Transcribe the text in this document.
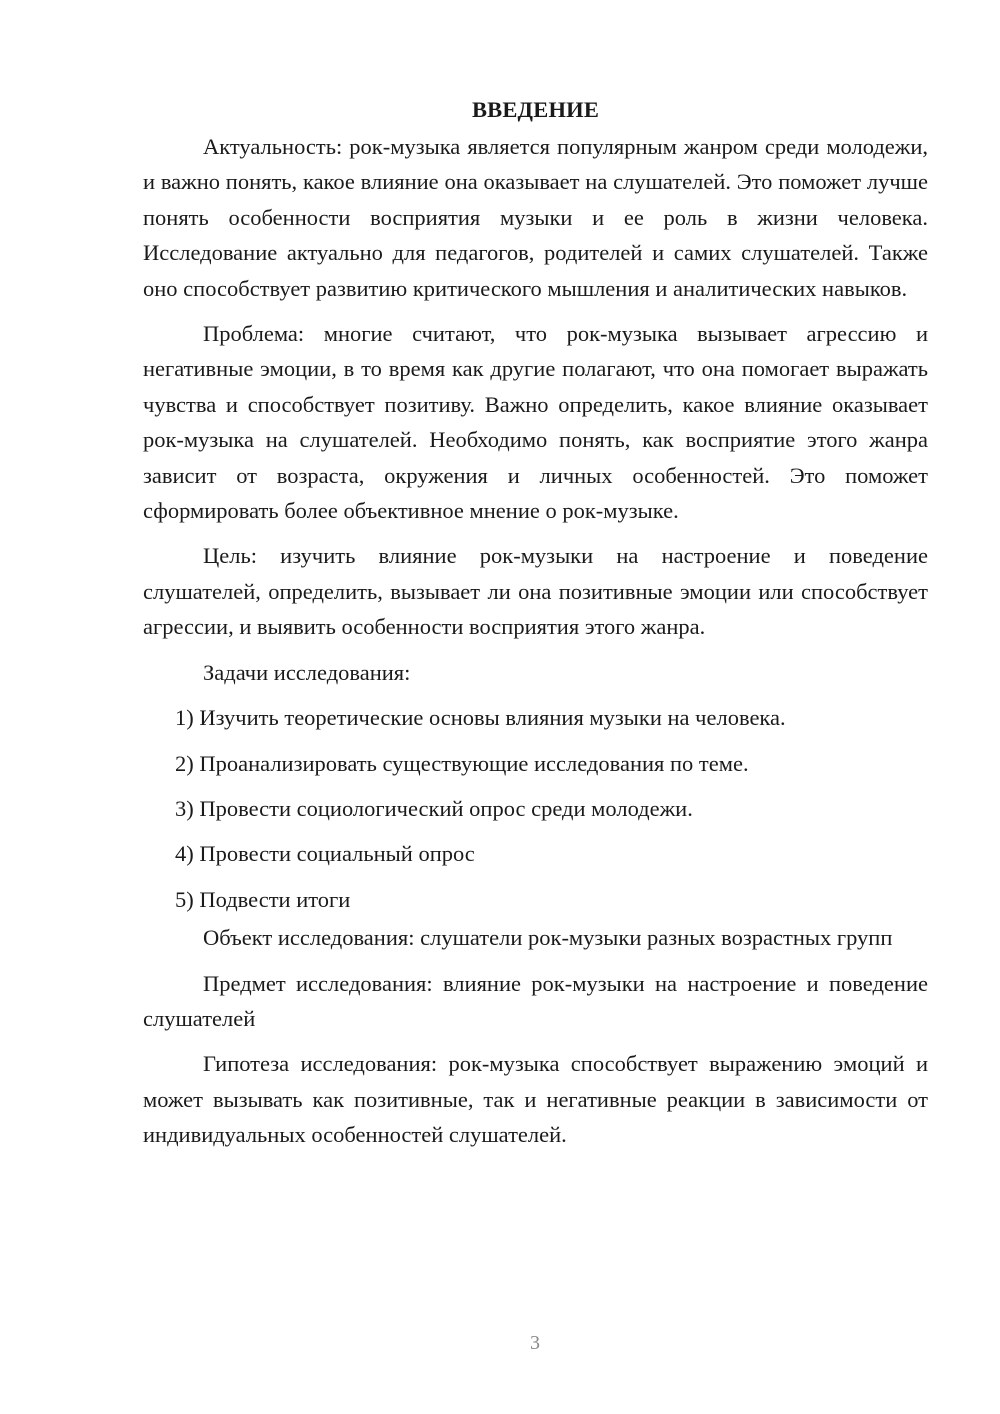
ВВЕДЕНИЕ

Актуальность: рок-музыка является популярным жанром среди молодежи, и важно понять, какое влияние она оказывает на слушателей. Это поможет лучше понять особенности восприятия музыки и ее роль в жизни человека. Исследование актуально для педагогов, родителей и самих слушателей. Также оно способствует развитию критического мышления и аналитических навыков.

Проблема: многие считают, что рок-музыка вызывает агрессию и негативные эмоции, в то время как другие полагают, что она помогает выражать чувства и способствует позитиву. Важно определить, какое влияние оказывает рок-музыка на слушателей. Необходимо понять, как восприятие этого жанра зависит от возраста, окружения и личных особенностей. Это поможет сформировать более объективное мнение о рок-музыке.

Цель: изучить влияние рок-музыки на настроение и поведение слушателей, определить, вызывает ли она позитивные эмоции или способствует агрессии, и выявить особенности восприятия этого жанра.

Задачи исследования:

1) Изучить теоретические основы влияния музыки на человека.

2) Проанализировать существующие исследования по теме.

3) Провести социологический опрос среди молодежи.

4) Провести социальный опрос

5) Подвести итоги

Объект исследования: слушатели рок-музыки разных возрастных групп

Предмет исследования: влияние рок-музыки на настроение и поведение слушателей

Гипотеза исследования: рок-музыка способствует выражению эмоций и может вызывать как позитивные, так и негативные реакции в зависимости от индивидуальных особенностей слушателей.

3
